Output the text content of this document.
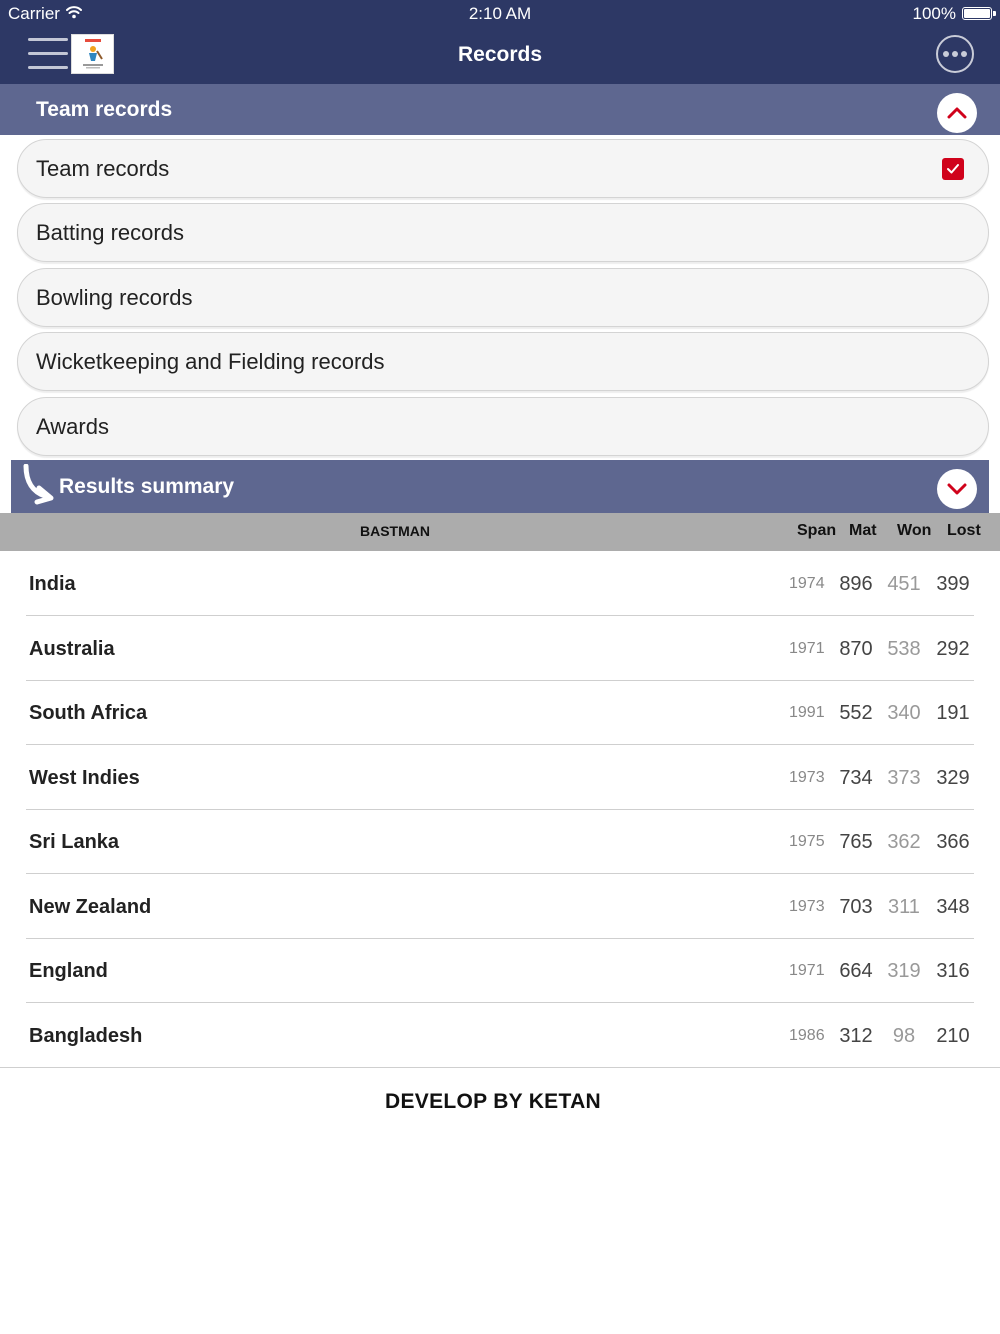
Carrier	2:10 AM	100%
Records
Team records
Team records
Batting records
Bowling records
Wicketkeeping and Fielding records
Awards
Results summary
BASTMAN	Span Mat Won Lost
India	1974 896 451 399
Australia	1971 870 538 292
South Africa	1991 552 340 191
West Indies	1973 734 373 329
Sri Lanka	1975 765 362 366
New Zealand	1973 703 311 348
England	1971 664 319 316
Bangladesh	1986 312	98	210
DEVELOP BY KETAN
